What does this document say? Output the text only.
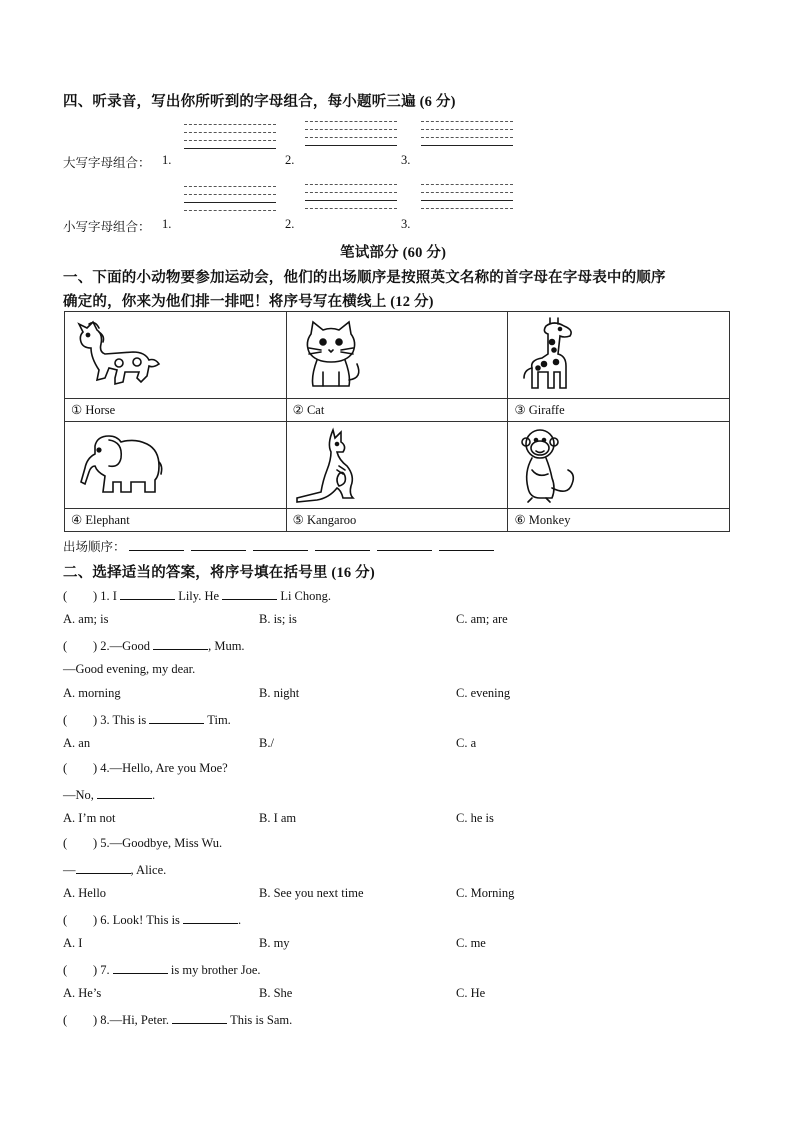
四、听录音，写出你所听到的字母组合，每小题听三遍 (6 分)
大写字母组合： 1.	2.	3.
小写字母组合： 1.	2.	3.
笔试部分 (60 分)
一、下面的小动物要参加运动会，他们的出场顺序是按照英文名称的首字母在字母表中的顺序
确定的，你来为他们排一排吧！将序号写在横线上 (12 分)

① Horse	② Cat	③ Giraffe

④ Elephant	⑤ Kangaroo	⑥ Monkey
出场顺序：
二、选择适当的答案，将序号填在括号里 (16 分)
( ) 1. I	Lily. He	Li Chong.
A. am; is	B. is; is	C. am; are
( ) 2.—Good	, Mum.
—Good evening, my dear.
A. morning	B. night	C. evening
( ) 3. This is	Tim.
A. an	B./	C. a
( ) 4.—Hello, Are you Moe?
—No,	.
A. I’m not	B. I am	C. he is
( ) 5.—Goodbye, Miss Wu.
—	, Alice.
A. Hello	B. See you next time	C. Morning
( ) 6. Look! This is	.
A. I	B. my	C. me
( ) 7.	is my brother Joe.
A. He’s	B. She	C. He
( ) 8.—Hi, Peter.	This is Sam.
